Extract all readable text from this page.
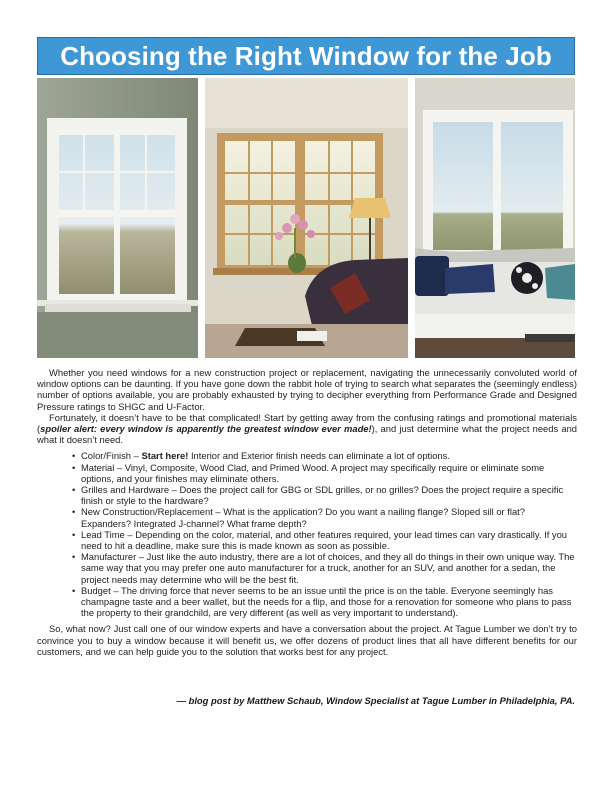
Choosing the Right Window for the Job

Whether you need windows for a new construction project or replacement, navigating the unnecessarily convoluted world of window options can be daunting. If you have gone down the rabbit hole of trying to search what separates the (seemingly endless) number of options available, you are probably exhausted by trying to decipher everything from Performance Grade and Designed Pressure ratings to SHGC and U-Factor.

Fortunately, it doesn’t have to be that complicated! Start by getting away from the confusing ratings and promotional materials (spoiler alert: every window is apparently the greatest window ever made!), and just determine what the project needs and what it doesn’t need.

• Color/Finish – Start here! Interior and Exterior finish needs can eliminate a lot of options.
• Material – Vinyl, Composite, Wood Clad, and Primed Wood. A project may specifically require or eliminate some options, and your finishes may eliminate others.
• Grilles and Hardware – Does the project call for GBG or SDL grilles, or no grilles? Does the project require a specific finish or style to the hardware?
• New Construction/Replacement – What is the application? Do you want a nailing flange? Sloped sill or flat? Expanders? Integrated J-channel? What frame depth?
• Lead Time – Depending on the color, material, and other features required, your lead times can vary drastically. If you need to hit a deadline, make sure this is made known as soon as possible.
• Manufacturer – Just like the auto industry, there are a lot of choices, and they all do things in their own unique way. The same way that you may prefer one auto manufacturer for a truck, another for an SUV, and another for a sedan, the project needs may determine who will be the best fit.
• Budget – The driving force that never seems to be an issue until the price is on the table. Everyone seemingly has champagne taste and a beer wallet, but the needs for a flip, and those for a renovation for someone who plans to pass the property to their grandchild, are very different (as well as very important to understand).

So, what now? Just call one of our window experts and have a conversation about the project. At Tague Lumber we don’t try to convince you to buy a window because it will benefit us, we offer dozens of product lines that all have different benefits for our customers, and we can help guide you to the solution that works best for any project.

— blog post by Matthew Schaub, Window Specialist at Tague Lumber in Philadelphia, PA.
